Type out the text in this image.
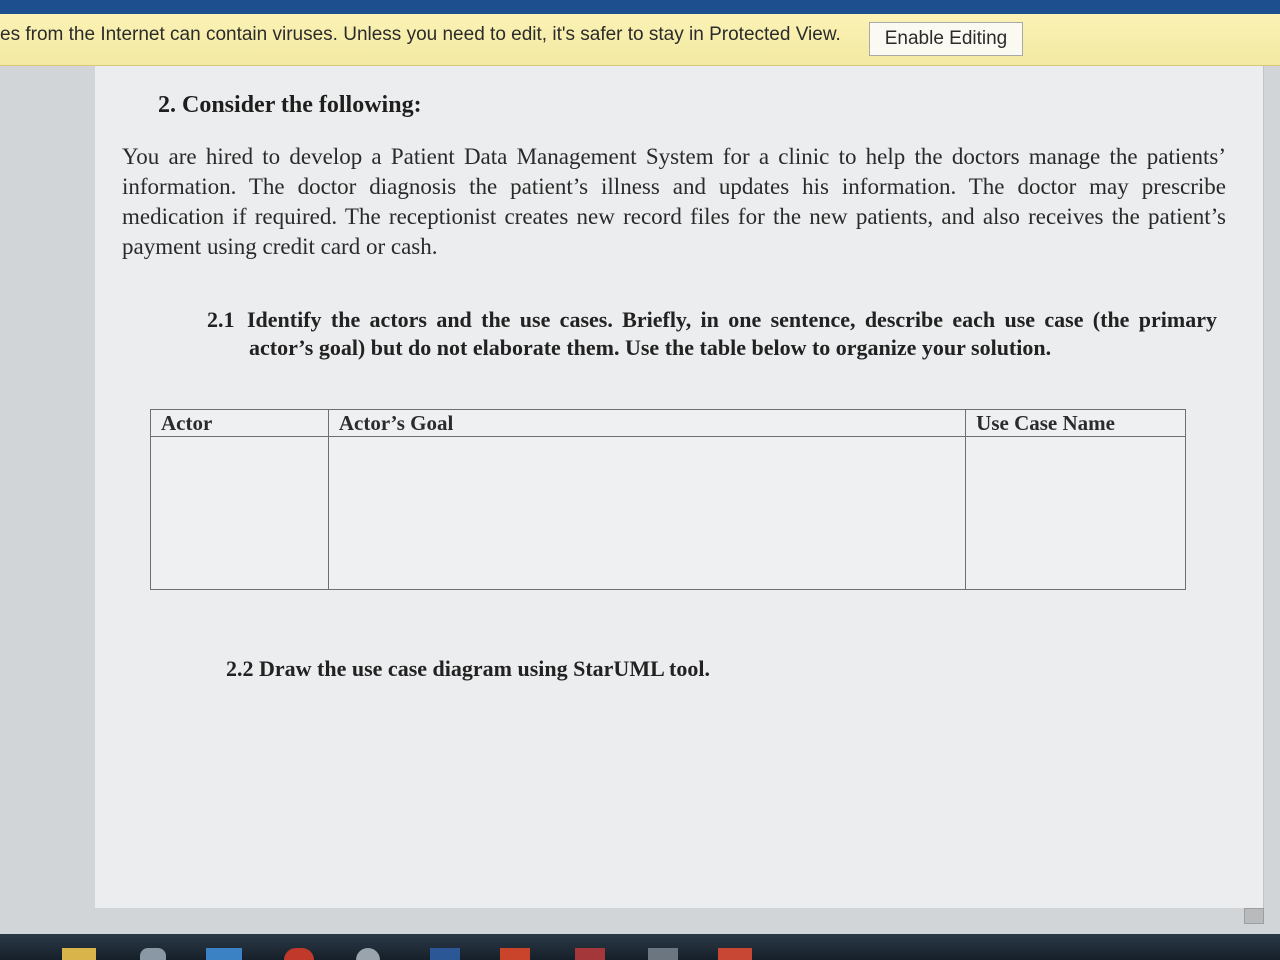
es from the Internet can contain viruses. Unless you need to edit, it's safer to stay in Protected View.	Enable Editing
2. Consider the following:
You are hired to develop a Patient Data Management System for a clinic to help the doctors manage the patients’ information. The doctor diagnosis the patient’s illness and updates his information. The doctor may prescribe medication if required. The receptionist creates new record files for the new patients, and also receives the patient’s payment using credit card or cash.
2.1 Identify the actors and the use cases. Briefly, in one sentence, describe each use case (the primary actor’s goal) but do not elaborate them. Use the table below to organize your solution.
Actor	Actor’s Goal	Use Case Name

2.2 Draw the use case diagram using StarUML tool.
